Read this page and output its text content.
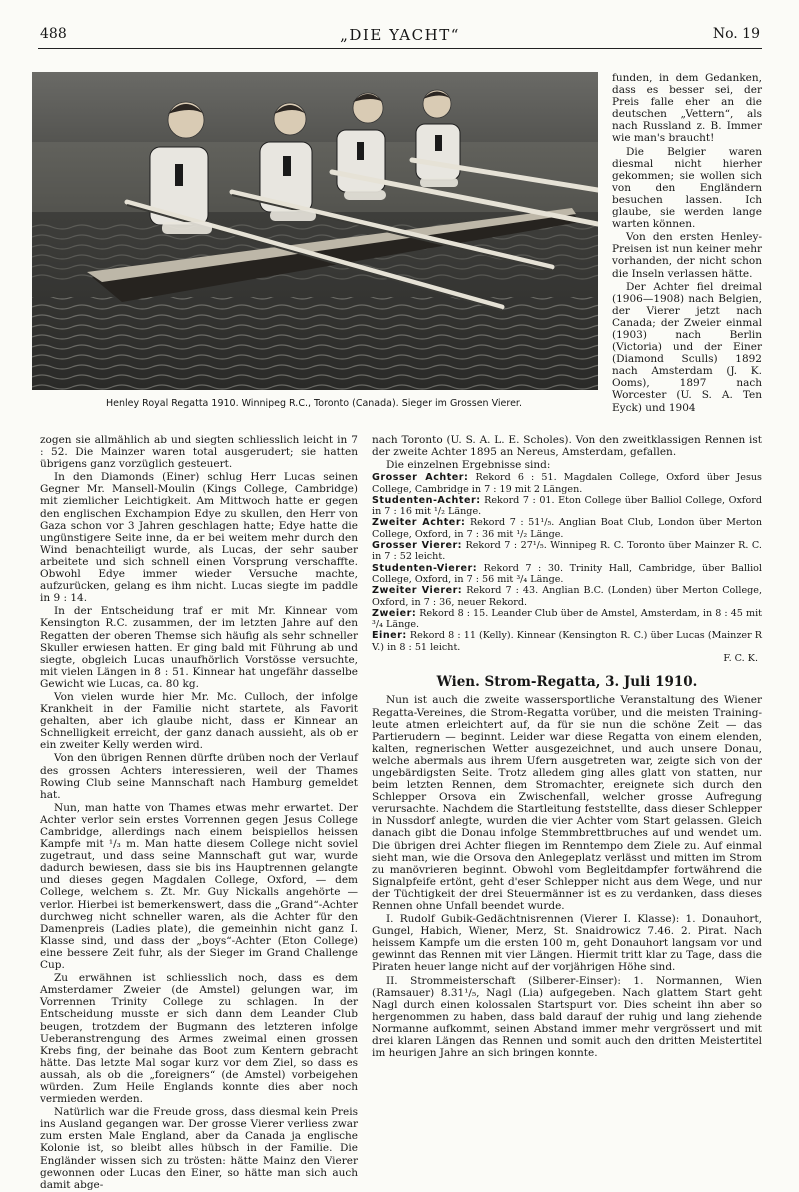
488	„DIE YACHT“	No. 19
Henley Royal Regatta 1910. Winnipeg R.C., Toronto (Canada). Sieger im Grossen Vierer.

funden, in dem Gedanken, dass es besser sei, der Preis falle eher an die deutschen „Vettern“, als nach Russland z. B. Immer wie man's braucht!

Die Belgier waren diesmal nicht hierher gekommen; sie wollen sich von den Engländern besuchen lassen. Ich glaube, sie werden lange warten können.

Von den ersten Henley-Preisen ist nun keiner mehr vorhanden, der nicht schon die Inseln verlassen hätte.

Der Achter fiel dreimal (1906—1908) nach Belgien, der Vierer jetzt nach Canada; der Zweier einmal (1903) nach Berlin (Victoria) und der Einer (Diamond Sculls) 1892 nach Amsterdam (J. K. Ooms), 1897 nach Worcester (U. S. A. Ten Eyck) und 1904

zogen sie allmählich ab und siegten schliesslich leicht in 7 : 52. Die Mainzer waren total ausgerudert; sie hatten übrigens ganz vorzüglich gesteuert.

In den Diamonds (Einer) schlug Herr Lucas seinen Gegner Mr. Mansell-Moulin (Kings College, Cambridge) mit ziemlicher Leichtigkeit. Am Mittwoch hatte er gegen den englischen Exchampion Edye zu skullen, den Herr von Gaza schon vor 3 Jahren geschlagen hatte; Edye hatte die ungünstigere Seite inne, da er bei weitem mehr durch den Wind benachteiligt wurde, als Lucas, der sehr sauber arbeitete und sich schnell einen Vorsprung verschaffte. Obwohl Edye immer wieder Versuche machte, aufzurücken, gelang es ihm nicht. Lucas siegte im paddle in 9 : 14.

In der Entscheidung traf er mit Mr. Kinnear vom Kensington R.C. zusammen, der im letzten Jahre auf den Regatten der oberen Themse sich häufig als sehr schneller Skuller erwiesen hatten. Er ging bald mit Führung ab und siegte, obgleich Lucas unaufhörlich Vorstösse versuchte, mit vielen Längen in 8 : 51. Kinnear hat ungefähr dasselbe Gewicht wie Lucas, ca. 80 kg.

Von vielen wurde hier Mr. Mc. Culloch, der infolge Krankheit in der Familie nicht startete, als Favorit gehalten, aber ich glaube nicht, dass er Kinnear an Schnelligkeit erreicht, der ganz danach aussieht, als ob er ein zweiter Kelly werden wird.

Von den übrigen Rennen dürfte drüben noch der Verlauf des grossen Achters interessieren, weil der Thames Rowing Club seine Mannschaft nach Hamburg gemeldet hat.

Nun, man hatte von Thames etwas mehr erwartet. Der Achter verlor sein erstes Vorrennen gegen Jesus College Cambridge, allerdings nach einem beispiellos heissen Kampfe mit ¹/₃ m. Man hatte diesem College nicht soviel zugetraut, und dass seine Mannschaft gut war, wurde dadurch bewiesen, dass sie bis ins Hauptrennen gelangte und dieses gegen Magdalen College, Oxford, — dem College, welchem s. Zt. Mr. Guy Nickalls angehörte — verlor. Hierbei ist bemerkenswert, dass die „Grand“-Achter durchweg nicht schneller waren, als die Achter für den Damenpreis (Ladies plate), die gemeinhin nicht ganz I. Klasse sind, und dass der „boys“-Achter (Eton College) eine bessere Zeit fuhr, als der Sieger im Grand Challenge Cup.

Zu erwähnen ist schliesslich noch, dass es dem Amsterdamer Zweier (de Amstel) gelungen war, im Vorrennen Trinity College zu schlagen. In der Entscheidung musste er sich dann dem Leander Club beugen, trotzdem der Bugmann des letzteren infolge Ueberanstrengung des Armes zweimal einen grossen Krebs fing, der beinahe das Boot zum Kentern gebracht hätte. Das letzte Mal sogar kurz vor dem Ziel, so dass es aussah, als ob die „foreigners“ (de Amstel) vorbeigehen würden. Zum Heile Englands konnte dies aber noch vermieden werden.

Natürlich war die Freude gross, dass diesmal kein Preis ins Ausland gegangen war. Der grosse Vierer verliess zwar zum ersten Male England, aber da Canada ja englische Kolonie ist, so bleibt alles hübsch in der Familie. Die Engländer wissen sich zu trösten: hätte Mainz den Vierer gewonnen oder Lucas den Einer, so hätte man sich auch damit abge-

nach Toronto (U. S. A. L. E. Scholes). Von den zweitklassigen Rennen ist der zweite Achter 1895 an Nereus, Amsterdam, gefallen.

Die einzelnen Ergebnisse sind:

Grosser Achter: Rekord 6 : 51. Magdalen College, Oxford über Jesus College, Cambridge in 7 : 19 mit 2 Längen.

Studenten-Achter: Rekord 7 : 01. Eton College über Balliol College, Oxford in 7 : 16 mit ¹/₂ Länge.

Zweiter Achter: Rekord 7 : 51¹/₅. Anglian Boat Club, London über Merton College, Oxford, in 7 : 36 mit ¹/₂ Länge.

Grosser Vierer: Rekord 7 : 27¹/₅. Winnipeg R. C. Toronto über Mainzer R. C. in 7 : 52 leicht.

Studenten-Vierer: Rekord 7 : 30. Trinity Hall, Cambridge, über Balliol College, Oxford, in 7 : 56 mit ³/₄ Länge.

Zweiter Vierer: Rekord 7 : 43. Anglian B.C. (Londen) über Merton College, Oxford, in 7 : 36, neuer Rekord.

Zweier: Rekord 8 : 15. Leander Club über de Amstel, Amsterdam, in 8 : 45 mit ³/₄ Länge.

Einer: Rekord 8 : 11 (Kelly). Kinnear (Kensington R. C.) über Lucas (Mainzer R V.) in 8 : 51 leicht.

F. C. K.

Wien. Strom-Regatta, 3. Juli 1910.

Nun ist auch die zweite wassersportliche Veranstaltung des Wiener Regatta-Vereines, die Strom-Regatta vorüber, und die meisten Training-leute atmen erleichtert auf, da für sie nun die schöne Zeit — das Partierudern — beginnt. Leider war diese Regatta von einem elenden, kalten, regnerischen Wetter ausgezeichnet, und auch unsere Donau, welche abermals aus ihrem Ufern ausgetreten war, zeigte sich von der ungebärdigsten Seite. Trotz alledem ging alles glatt von statten, nur beim letzten Rennen, dem Stromachter, ereignete sich durch den Schlepper Orsova ein Zwischenfall, welcher grosse Aufregung verursachte. Nachdem die Startleitung feststellte, dass dieser Schlepper in Nussdorf anlegte, wurden die vier Achter vom Start gelassen. Gleich danach gibt die Donau infolge Stemmbrettbruches auf und wendet um. Die übrigen drei Achter fliegen im Renntempo dem Ziele zu. Auf einmal sieht man, wie die Orsova den Anlegeplatz verlässt und mitten im Strom zu manövrieren beginnt. Obwohl vom Begleitdampfer fortwährend die Signalpfeife ertönt, geht d'eser Schlepper nicht aus dem Wege, und nur der Tüchtigkeit der drei Steuermänner ist es zu verdanken, dass dieses Rennen ohne Unfall beendet wurde.

I. Rudolf Gubik-Gedächtnisrennen (Vierer I. Klasse): 1. Donauhort, Gungel, Habich, Wiener, Merz, St. Snaidrowicz 7.46. 2. Pirat. Nach heissem Kampfe um die ersten 100 m, geht Donauhort langsam vor und gewinnt das Rennen mit vier Längen. Hiermit tritt klar zu Tage, dass die Piraten heuer lange nicht auf der vorjährigen Höhe sind.

II. Strommeisterschaft (Silberer-Einser): 1. Normannen, Wien (Ramsauer) 8.31¹/₅, Nagl (Lia) aufgegeben. Nach glattem Start geht Nagl durch einen kolossalen Startspurt vor. Dies scheint ihn aber so hergenommen zu haben, dass bald darauf der ruhig und lang ziehende Normanne aufkommt, seinen Abstand immer mehr vergrössert und mit drei klaren Längen das Rennen und somit auch den dritten Meistertitel im heurigen Jahre an sich bringen konnte.
